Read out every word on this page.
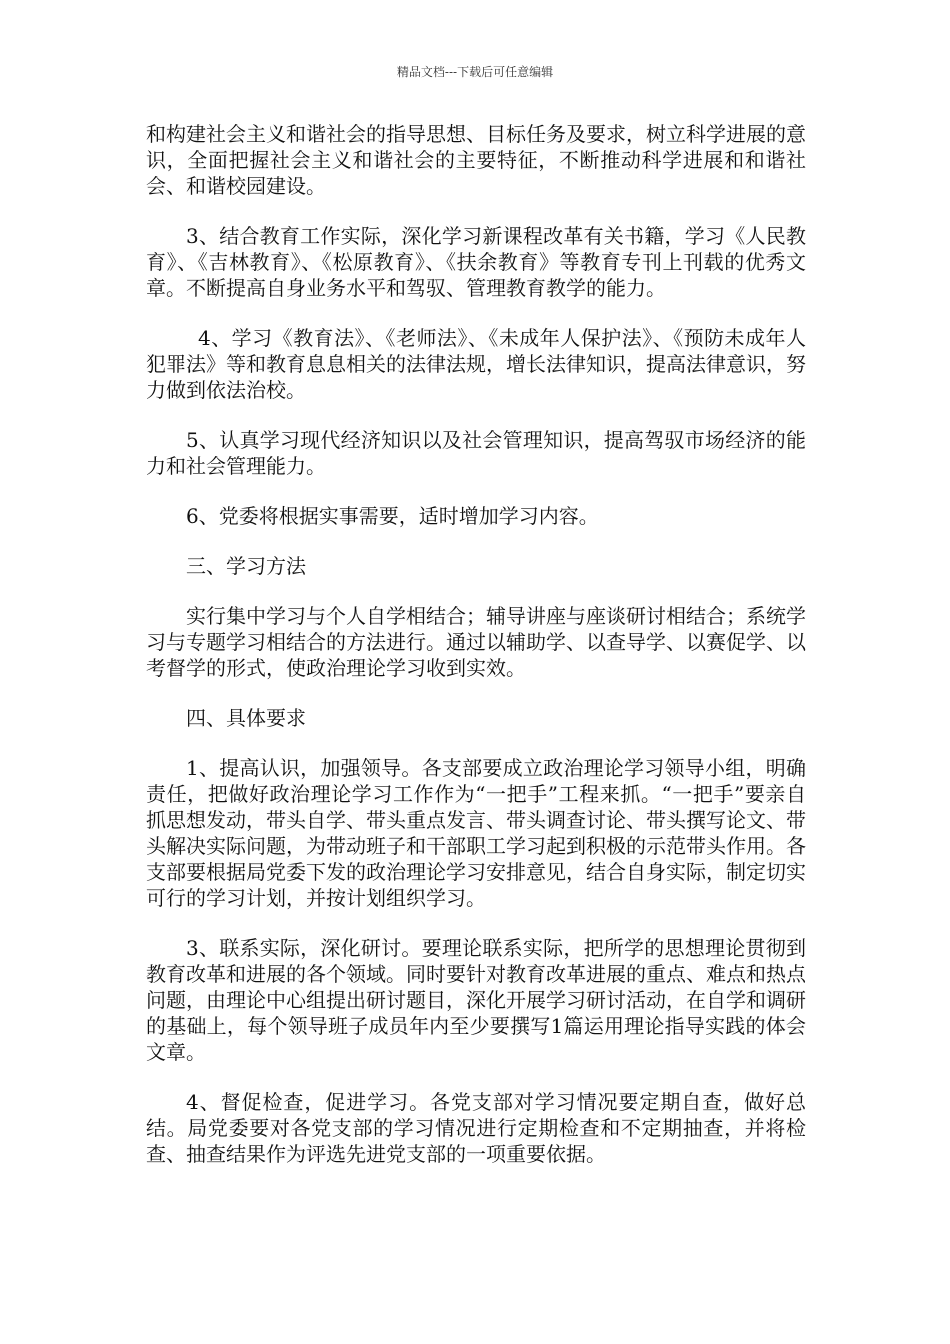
精品文档---下载后可任意编辑

和构建社会主义和谐社会的指导思想、目标任务及要求，树立科学进展的意识，全面把握社会主义和谐社会的主要特征，不断推动科学进展和和谐社会、和谐校园建设。

3、结合教育工作实际，深化学习新课程改革有关书籍，学习《人民教育》、《吉林教育》、《松原教育》、《扶余教育》等教育专刊上刊载的优秀文章。不断提高自身业务水平和驾驭、管理教育教学的能力。

4、学习《教育法》、《老师法》、《未成年人保护法》、《预防未成年人犯罪法》等和教育息息相关的法律法规，增长法律知识，提高法律意识，努力做到依法治校。

5、认真学习现代经济知识以及社会管理知识，提高驾驭市场经济的能力和社会管理能力。

6、党委将根据实事需要，适时增加学习内容。

三、学习方法

实行集中学习与个人自学相结合；辅导讲座与座谈研讨相结合；系统学习与专题学习相结合的方法进行。通过以辅助学、以查导学、以赛促学、以考督学的形式，使政治理论学习收到实效。

四、具体要求

1、提高认识，加强领导。各支部要成立政治理论学习领导小组，明确责任，把做好政治理论学习工作作为“一把手”工程来抓。“一把手”要亲自抓思想发动，带头自学、带头重点发言、带头调查讨论、带头撰写论文、带头解决实际问题，为带动班子和干部职工学习起到积极的示范带头作用。各支部要根据局党委下发的政治理论学习安排意见，结合自身实际，制定切实可行的学习计划，并按计划组织学习。

3、联系实际，深化研讨。要理论联系实际，把所学的思想理论贯彻到教育改革和进展的各个领域。同时要针对教育改革进展的重点、难点和热点问题，由理论中心组提出研讨题目，深化开展学习研讨活动，在自学和调研的基础上，每个领导班子成员年内至少要撰写1篇运用理论指导实践的体会文章。

4、督促检查，促进学习。各党支部对学习情况要定期自查，做好总结。局党委要对各党支部的学习情况进行定期检查和不定期抽查，并将检查、抽查结果作为评选先进党支部的一项重要依据。
